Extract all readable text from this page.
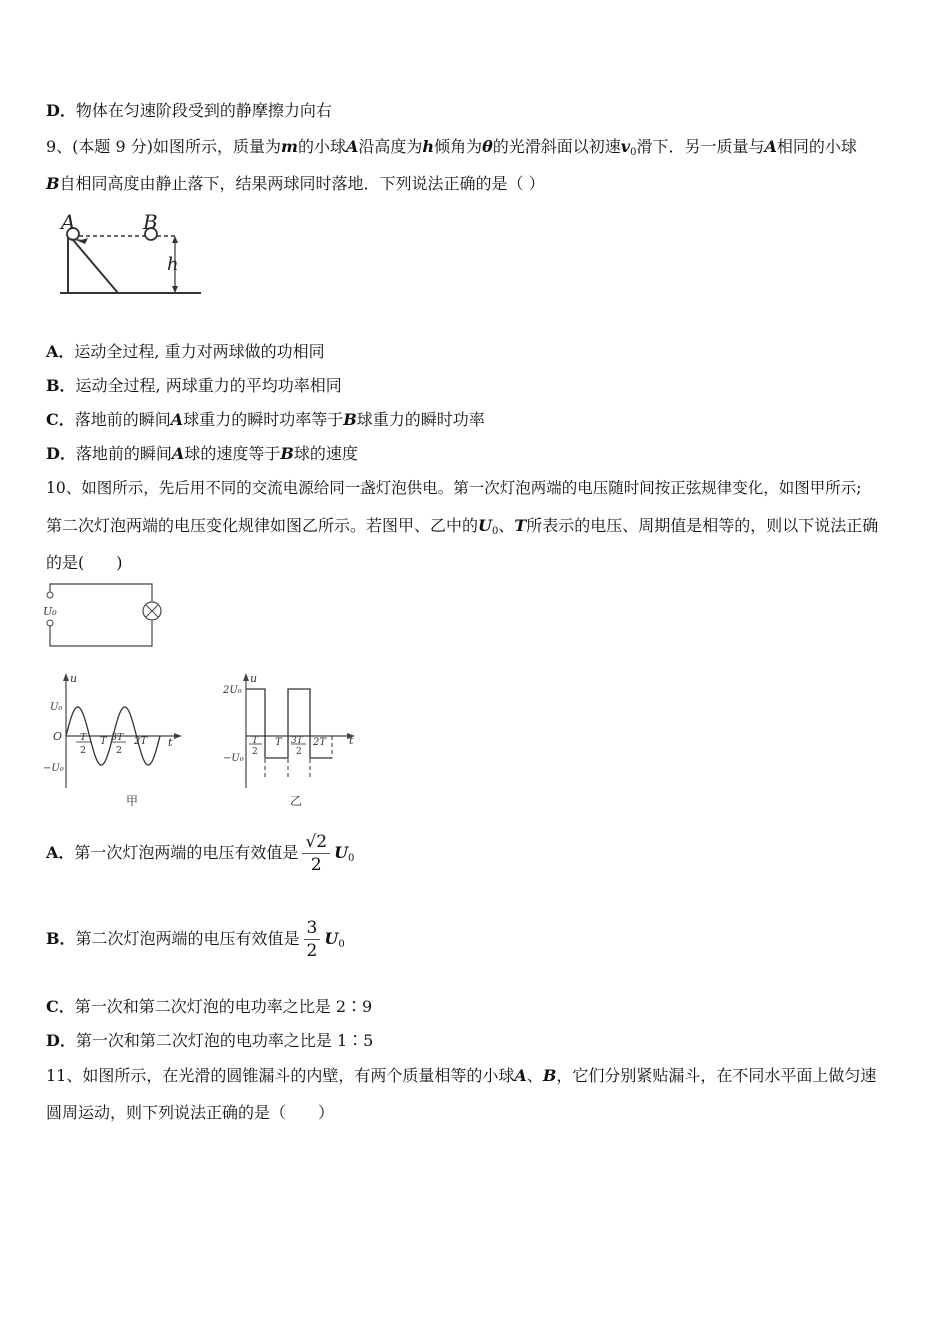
D．物体在匀速阶段受到的静摩擦力向右
9、(本题 9 分)如图所示，质量为m的小球A沿高度为h倾角为θ的光滑斜面以初速$v_0$滑下．另一质量与A相同的小球
B自相同高度由静止落下，结果两球同时落地．下列说法正确的是（ ）
A	B
h
A．运动全过程, 重力对两球做的功相同
B．运动全过程, 两球重力的平均功率相同
C．落地前的瞬间A球重力的瞬时功率等于B球重力的瞬时功率
D．落地前的瞬间A球的速度等于B球的速度
10、如图所示，先后用不同的交流电源给同一盏灯泡供电。第一次灯泡两端的电压随时间按正弦规律变化，如图甲所示;
第二次灯泡两端的电压变化规律如图乙所示。若图甲、乙中的$U_0$、T所表示的电压、周期值是相等的，则以下说法正确
的是(　　)
U₀
u
t
O
U₀
−U₀
T
2
T 3T
2
2T
甲
u
t
2U₀
−U₀
T
2
T 3T
2
2T
乙
A．第一次灯泡两端的电压有效值是 $\frac{√2}{2} U_0$
B．第二次灯泡两端的电压有效值是 $\frac{3}{2} U_0$
C．第一次和第二次灯泡的电功率之比是 2∶9
D．第一次和第二次灯泡的电功率之比是 1∶5
11、如图所示，在光滑的圆锥漏斗的内壁，有两个质量相等的小球A、B，它们分别紧贴漏斗，在不同水平面上做匀速
圆周运动，则下列说法正确的是（　　）
